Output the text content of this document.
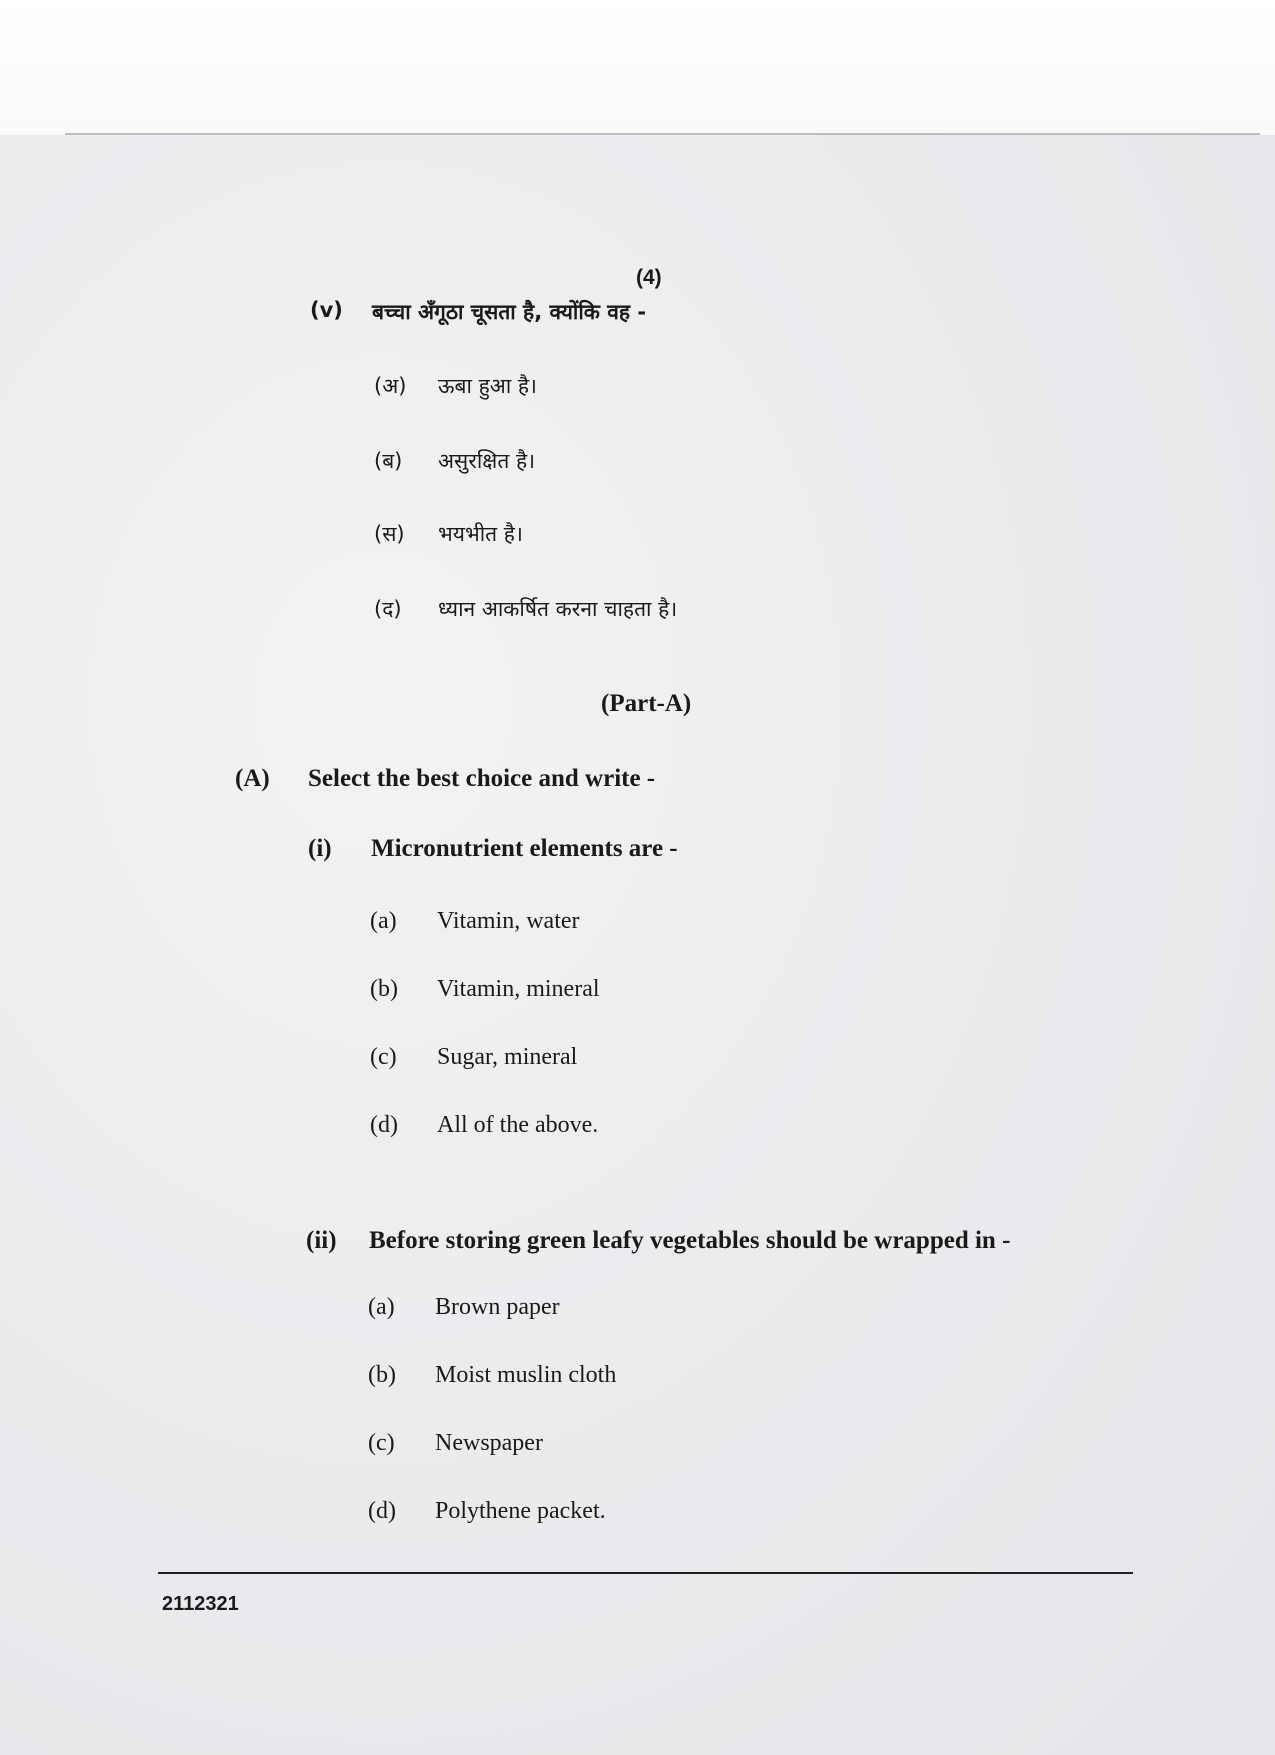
(4)
(v) बच्चा अँगूठा चूसता है, क्योंकि वह -
(अ) ऊबा हुआ है।
(ब) असुरक्षित है।
(स) भयभीत है।
(द) ध्यान आकर्षित करना चाहता है।
(Part-A)
(A) Select the best choice and write -
(i) Micronutrient elements are -
(a) Vitamin, water
(b) Vitamin, mineral
(c) Sugar, mineral
(d) All of the above.
(ii) Before storing green leafy vegetables should be wrapped in -
(a) Brown paper
(b) Moist muslin cloth
(c) Newspaper
(d) Polythene packet.
2112321
